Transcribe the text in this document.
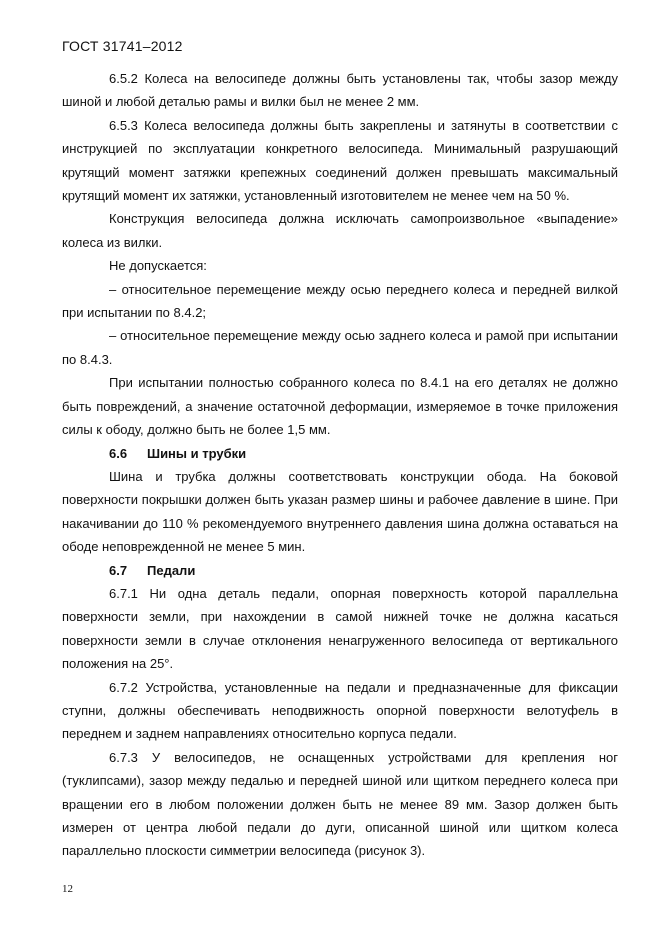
ГОСТ 31741–2012

6.5.2 Колеса на велосипеде должны быть установлены так, чтобы зазор между шиной и любой деталью рамы и вилки был не менее 2 мм.

6.5.3 Колеса велосипеда должны быть закреплены и затянуты в соответствии с инструкцией по эксплуатации конкретного велосипеда. Минимальный разрушающий крутящий момент затяжки крепежных соединений должен превышать максимальный крутящий момент их затяжки, установленный изготовителем не менее чем на 50 %.

Конструкция велосипеда должна исключать самопроизвольное «выпадение» колеса из вилки.

Не допускается:

– относительное перемещение между осью переднего колеса и передней вилкой при испытании по 8.4.2;

– относительное перемещение между осью заднего колеса и рамой при испытании по 8.4.3.

При испытании полностью собранного колеса по 8.4.1 на его деталях не должно быть повреждений, а значение остаточной деформации, измеряемое в точке приложения силы к ободу, должно быть не более 1,5 мм.

6.6 Шины и трубки

Шина и трубка должны соответствовать конструкции обода. На боковой поверхности покрышки должен быть указан размер шины и рабочее давление в шине. При накачивании до 110 % рекомендуемого внутреннего давления шина должна оставаться на ободе неповрежденной не менее 5 мин.

6.7 Педали

6.7.1 Ни одна деталь педали, опорная поверхность которой параллельна поверхности земли, при нахождении в самой нижней точке не должна касаться поверхности земли в случае отклонения ненагруженного велосипеда от вертикального положения на 25°.

6.7.2 Устройства, установленные на педали и предназначенные для фиксации ступни, должны обеспечивать неподвижность опорной поверхности велотуфель в переднем и заднем направлениях относительно корпуса педали.

6.7.3 У велосипедов, не оснащенных устройствами для крепления ног (туклипсами), зазор между педалью и передней шиной или щитком переднего колеса при вращении его в любом положении должен быть не менее 89 мм. Зазор должен быть измерен от центра любой педали до дуги, описанной шиной или щитком колеса параллельно плоскости симметрии велосипеда (рисунок 3).

12
